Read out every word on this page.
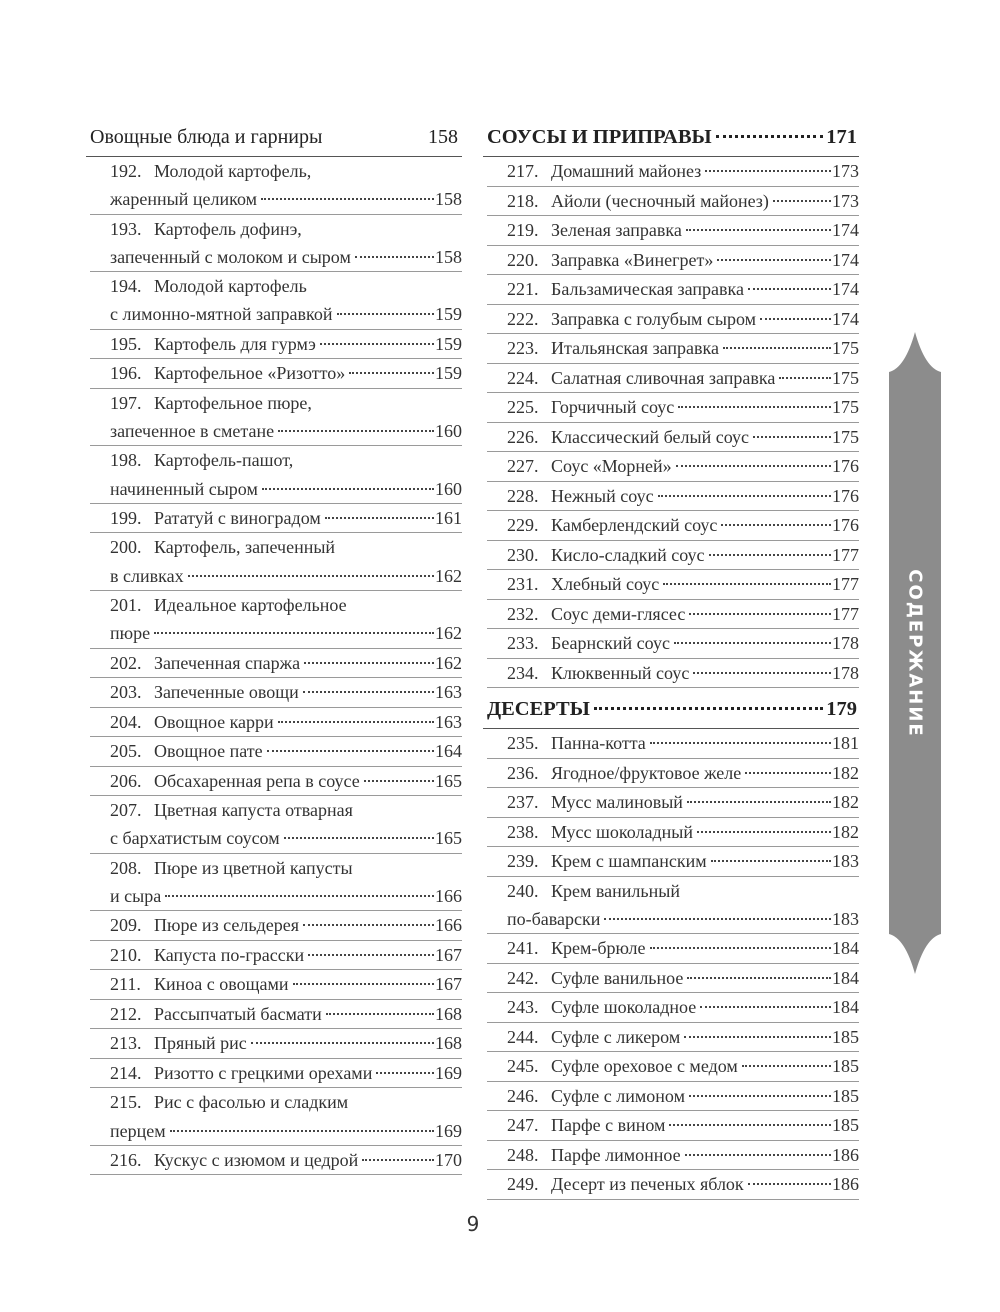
Овощные блюда и гарниры	158
192. Молодой картофель,
жаренный целиком	158
193. Картофель дофинэ,
запеченный с молоком и сыром	158
194. Молодой картофель
с лимонно-мятной заправкой	159
195. Картофель для гурмэ	159
196. Картофельное «Ризотто»	159
197. Картофельное пюре,
запеченное в сметане	160
198. Картофель-пашот,
начиненный сыром	160
199. Рататуй с виноградом	161
200. Картофель, запеченный
в сливках	162
201. Идеальное картофельное
пюре	162
202. Запеченная спаржа	162
203. Запеченные овощи	163
204. Овощное карри	163
205. Овощное пате	164
206. Обсахаренная репа в соусе	165
207. Цветная капуста отварная
с бархатистым соусом	165
208. Пюре из цветной капусты
и сыра	166
209. Пюре из сельдерея	166
210. Капуста по-грасски	167
211. Киноа с овощами	167
212. Рассыпчатый басмати	168
213. Пряный рис	168
214. Ризотто с грецкими орехами	169
215. Рис с фасолью и сладким
перцем	169
216. Кускус с изюмом и цедрой	170
СОУСЫ И ПРИПРАВЫ	171
217. Домашний майонез	173
218. Айоли (чесночный майонез)	173
219. Зеленая заправка	174
220. Заправка «Винегрет»	174
221. Бальзамическая заправка	174
222. Заправка с голубым сыром	174
223. Итальянская заправка	175
224. Салатная сливочная заправка	175
225. Горчичный соус	175
226. Классический белый соус	175
227. Соус «Морней»	176
228. Нежный соус	176
229. Камберлендский соус	176
230. Кисло-сладкий соус	177
231. Хлебный соус	177
232. Соус деми-глясес	177
233. Беарнский соус	178
234. Клюквенный соус	178
ДЕСЕРТЫ	179
235. Панна-котта	181
236. Ягодное/фруктовое желе	182
237. Мусс малиновый	182
238. Мусс шоколадный	182
239. Крем с шампанским	183
240. Крем ванильный
по-баварски	183
241. Крем-брюле	184
242. Суфле ванильное	184
243. Суфле шоколадное	184
244. Суфле с ликером	185
245. Суфле ореховое с медом	185
246. Суфле с лимоном	185
247. Парфе с вином	185
248. Парфе лимонное	186
249. Десерт из печеных яблок	186
СОДЕРЖАНИЕ
9
